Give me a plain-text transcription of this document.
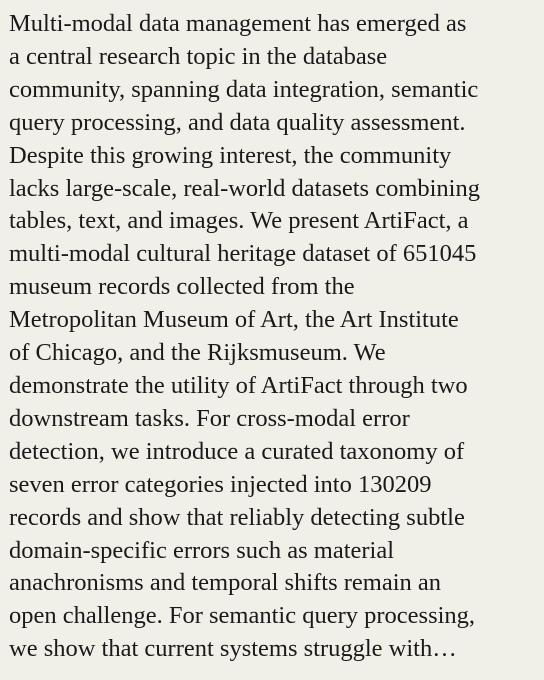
Multi-modal data management has emerged as
a central research topic in the database
community, spanning data integration, semantic
query processing, and data quality assessment.
Despite this growing interest, the community
lacks large-scale, real-world datasets combining
tables, text, and images. We present ArtiFact, a
multi-modal cultural heritage dataset of 651045
museum records collected from the
Metropolitan Museum of Art, the Art Institute
of Chicago, and the Rijksmuseum. We
demonstrate the utility of ArtiFact through two
downstream tasks. For cross-modal error
detection, we introduce a curated taxonomy of
seven error categories injected into 130209
records and show that reliably detecting subtle
domain-specific errors such as material
anachronisms and temporal shifts remain an
open challenge. For semantic query processing,
we show that current systems struggle with…
